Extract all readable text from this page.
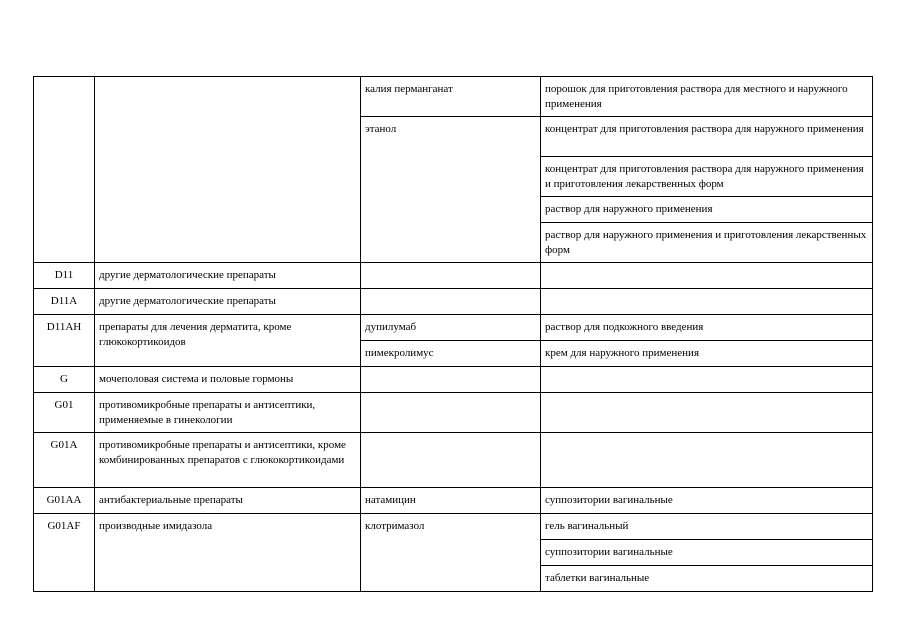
		калия перманганат	порошок для приготовления раствора для местного и наружного применения
		этанол	концентрат для приготовления раствора для наружного применения
			концентрат для приготовления раствора для наружного применения и приготовления лекарственных форм
			раствор для наружного применения
			раствор для наружного применения и приготовления лекарственных форм
D11	другие дерматологические препараты		
D11A	другие дерматологические препараты		
D11AH	препараты для лечения дерматита, кроме глюкокортикоидов	дупилумаб	раствор для подкожного введения
		пимекролимус	крем для наружного применения
G	мочеполовая система и половые гормоны		
G01	противомикробные препараты и антисептики, применяемые в гинекологии		
G01A	противомикробные препараты и антисептики, кроме комбинированных препаратов с глюкокортикоидами		
G01AA	антибактериальные препараты	натамицин	суппозитории вагинальные
G01AF	производные имидазола	клотримазол	гель вагинальный
			суппозитории вагинальные
			таблетки вагинальные
